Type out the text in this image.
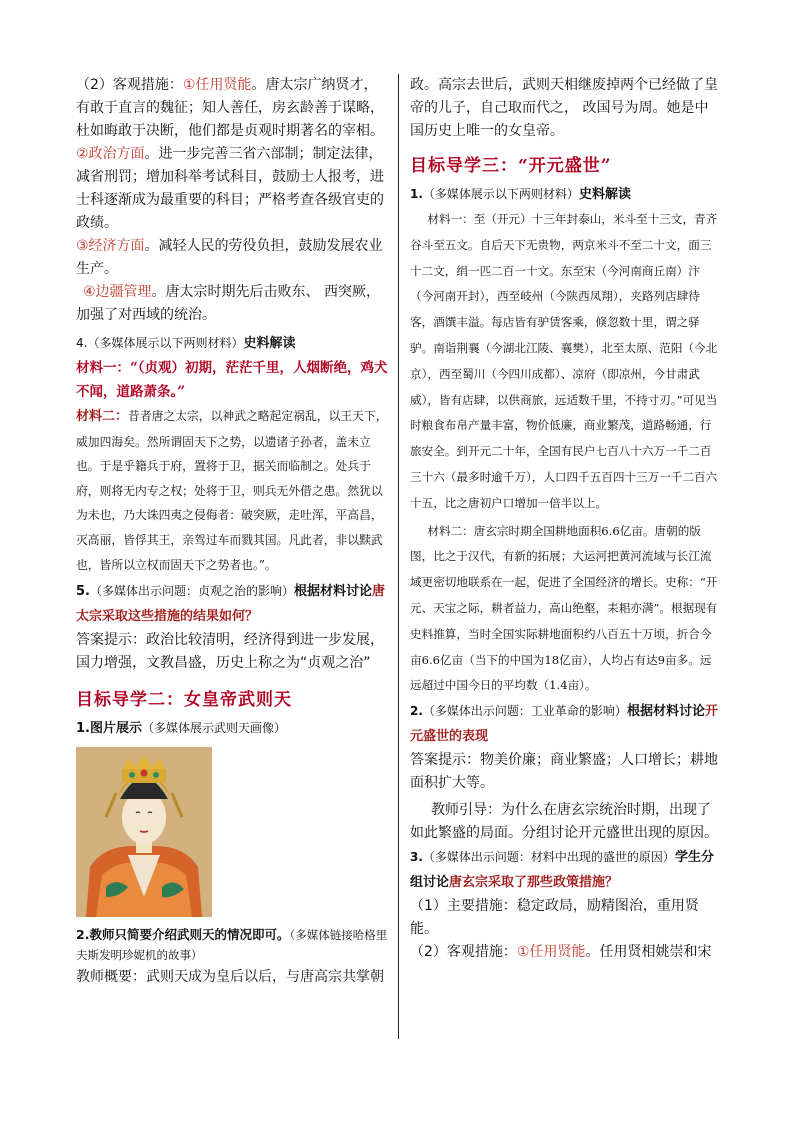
（2）客观措施：①任用贤能。唐太宗广纳贤才，有敢于直言的魏征；知人善任，房玄龄善于谋略，杜如晦敢于决断，他们都是贞观时期著名的宰相。

②政治方面。进一步完善三省六部制；制定法律，减省刑罚；增加科举考试科目，鼓励士人报考，进士科逐渐成为最重要的科目；严格考查各级官吏的政绩。

③经济方面。减轻人民的劳役负担，鼓励发展农业生产。

④边疆管理。唐太宗时期先后击败东、 西突厥，加强了对西域的统治。

4.（多媒体展示以下两则材料）史料解读

材料一：“（贞观）初期，茫茫千里，人烟断绝，鸡犬不闻，道路萧条。”

材料二：昔者唐之太宗，以神武之略起定祸乱，以王天下，威加四海矣。然所谓固天下之势，以遗诸子孙者，盖未立也。于是乎籍兵于府，置将于卫，据关而临制之。处兵于府，则将无内专之权；处将于卫，则兵无外借之患。然犹以为未也，乃大诛四夷之侵侮者：破突厥，走吐浑，平高昌，灭高丽，皆俘其王，亲驾过车而戮其国。凡此者，非以黩武也，皆所以立权而固天下之势者也。”。

5.（多媒体出示问题：贞观之治的影响）根据材料讨论唐太宗采取这些措施的结果如何？

答案提示：政治比较清明，经济得到进一步发展，国力增强，文教昌盛，历史上称之为“贞观之治”

目标导学二：女皇帝武则天

1.图片展示（多媒体展示武则天画像）

2.教师只简要介绍武则天的情况即可。（多媒体链接哈格里夫斯发明珍妮机的故事）

教师概要：武则天成为皇后以后，与唐高宗共掌朝

政。高宗去世后，武则天相继废掉两个已经做了皇帝的儿子，自己取而代之， 改国号为周。她是中国历史上唯一的女皇帝。

目标导学三：“开元盛世”

1.（多媒体展示以下两则材料）史料解读

材料一：至（开元）十三年封泰山，米斗至十三文，青齐谷斗至五文。自后天下无贵物，两京米斗不至二十文，面三十二文，绢一匹二百一十文。东至宋（今河南商丘南）汴（今河南开封），西至岐州（今陕西凤翔），夹路列店肆待客，酒馔丰溢。每店皆有驴赁客乘，倏忽数十里，谓之驿驴。南诣荆襄（今湖北江陵、襄樊），北至太原、范阳（今北京），西至蜀川（今四川成都）、凉府（即凉州，今甘肃武威），皆有店肆，以供商旅，远适数千里，不持寸刃。”可见当时粮食布帛产量丰富，物价低廉，商业繁茂，道路畅通，行旅安全。到开元二十年，全国有民户七百八十六万一千二百三十六（最多时逾千万），人口四千五百四十三万一千二百六十五，比之唐初户口增加一倍半以上。

材料二：唐玄宗时期全国耕地面积6.6亿亩。唐朝的版图，比之于汉代，有新的拓展；大运河把黄河流域与长江流域更密切地联系在一起，促进了全国经济的增长。史称：“开元、天宝之际，耕者益力，高山绝壑，耒耜亦满”。根据现有史料推算，当时全国实际耕地面积约八百五十万顷，折合今亩6.6亿亩（当下的中国为18亿亩），人均占有达9亩多。远远超过中国今日的平均数（1.4亩）。

2.（多媒体出示问题：工业革命的影响）根据材料讨论开元盛世的表现

答案提示：物美价廉；商业繁盛；人口增长；耕地面积扩大等。

教师引导：为什么在唐玄宗统治时期，出现了如此繁盛的局面。分组讨论开元盛世出现的原因。

3.（多媒体出示问题：材料中出现的盛世的原因）学生分组讨论唐玄宗采取了那些政策措施？

（1）主要措施：稳定政局，励精图治，重用贤能。

（2）客观措施：①任用贤能。任用贤相姚崇和宋
